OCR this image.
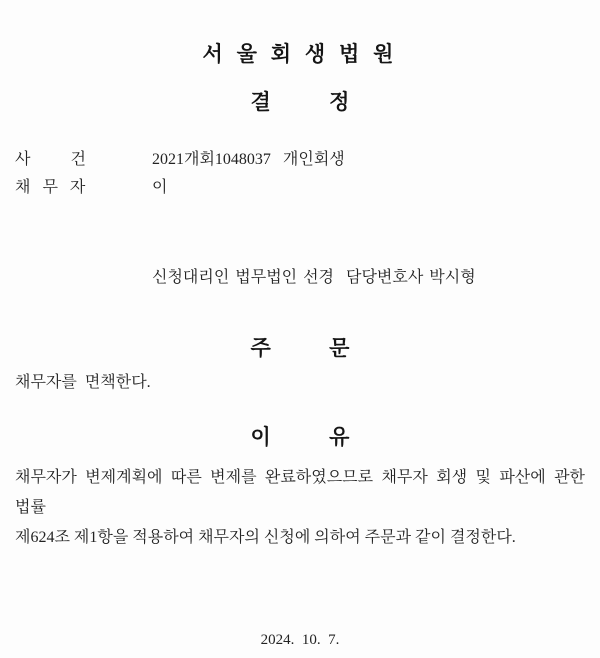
서 울 회 생 법 원
결          정
사          건	2021개회1048037   개인회생
채   무   자	이
신청대리인 법무법인 선경  담당변호사 박시형
주          문
채무자를  면책한다.
이          유
채무자가 변제계획에 따른 변제를 완료하였으므로 채무자 회생 및 파산에 관한 법률
제624조 제1항을 적용하여 채무자의 신청에 의하여 주문과 같이 결정한다.
2024.  10.  7.
